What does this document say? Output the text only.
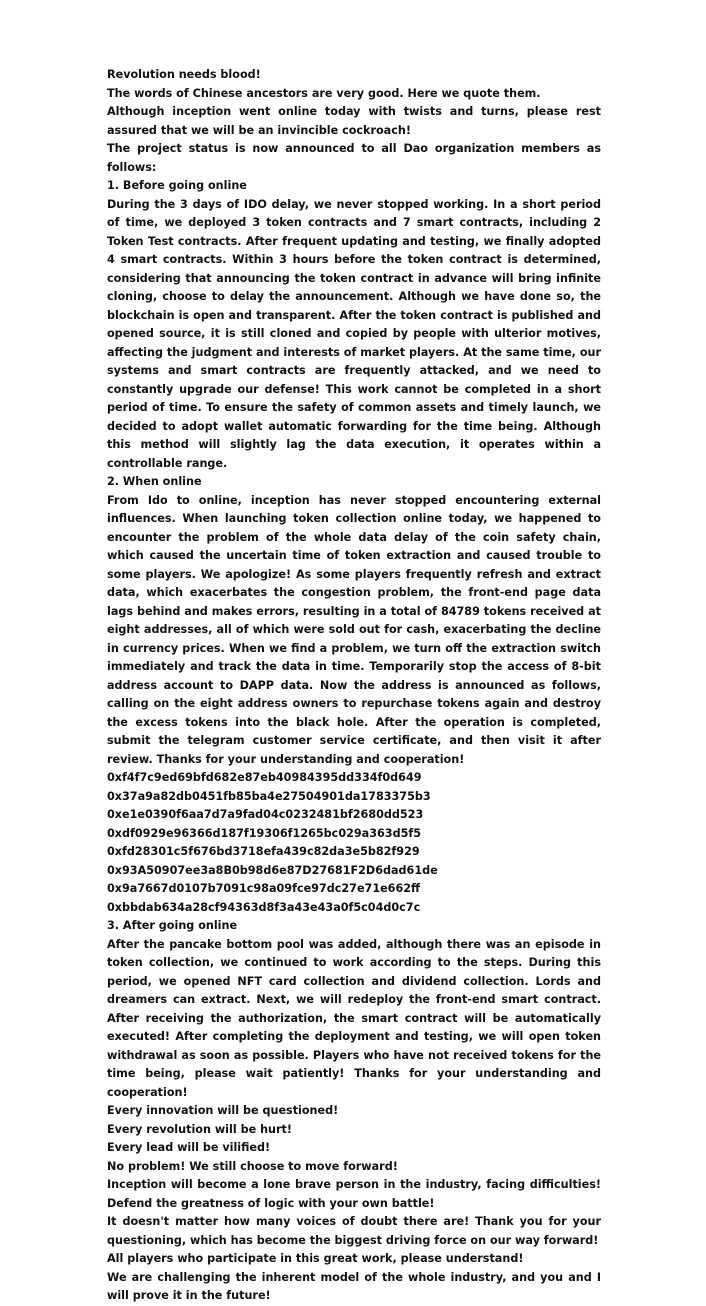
Revolution needs blood!

The words of Chinese ancestors are very good. Here we quote them.

Although inception went online today with twists and turns, please rest assured that we will be an invincible cockroach!

The project status is now announced to all Dao organization members as follows:

1. Before going online

During the 3 days of IDO delay, we never stopped working. In a short period of time, we deployed 3 token contracts and 7 smart contracts, including 2 Token Test contracts. After frequent updating and testing, we finally adopted 4 smart contracts. Within 3 hours before the token contract is determined, considering that announcing the token contract in advance will bring infinite cloning, choose to delay the announcement. Although we have done so, the blockchain is open and transparent. After the token contract is published and opened source, it is still cloned and copied by people with ulterior motives, affecting the judgment and interests of market players. At the same time, our systems and smart contracts are frequently attacked, and we need to constantly upgrade our defense! This work cannot be completed in a short period of time. To ensure the safety of common assets and timely launch, we decided to adopt wallet automatic forwarding for the time being. Although this method will slightly lag the data execution, it operates within a controllable range.

2. When online

From Ido to online, inception has never stopped encountering external influences. When launching token collection online today, we happened to encounter the problem of the whole data delay of the coin safety chain, which caused the uncertain time of token extraction and caused trouble to some players. We apologize! As some players frequently refresh and extract data, which exacerbates the congestion problem, the front-end page data lags behind and makes errors, resulting in a total of 84789 tokens received at eight addresses, all of which were sold out for cash, exacerbating the decline in currency prices. When we find a problem, we turn off the extraction switch immediately and track the data in time. Temporarily stop the access of 8-bit address account to DAPP data. Now the address is announced as follows, calling on the eight address owners to repurchase tokens again and destroy the excess tokens into the black hole. After the operation is completed, submit the telegram customer service certificate, and then visit it after review. Thanks for your understanding and cooperation!

0xf4f7c9ed69bfd682e87eb40984395dd334f0d649

0x37a9a82db0451fb85ba4e27504901da1783375b3

0xe1e0390f6aa7d7a9fad04c0232481bf2680dd523

0xdf0929e96366d187f19306f1265bc029a363d5f5

0xfd28301c5f676bd3718efa439c82da3e5b82f929

0x93A50907ee3a8B0b98d6e87D27681F2D6dad61de

0x9a7667d0107b7091c98a09fce97dc27e71e662ff

0xbbdab634a28cf94363d8f3a43e43a0f5c04d0c7c

3. After going online

After the pancake bottom pool was added, although there was an episode in token collection, we continued to work according to the steps. During this period, we opened NFT card collection and dividend collection. Lords and dreamers can extract. Next, we will redeploy the front-end smart contract. After receiving the authorization, the smart contract will be automatically executed! After completing the deployment and testing, we will open token withdrawal as soon as possible. Players who have not received tokens for the time being, please wait patiently! Thanks for your understanding and cooperation!

Every innovation will be questioned!

Every revolution will be hurt!

Every lead will be vilified!

No problem! We still choose to move forward!

Inception will become a lone brave person in the industry, facing difficulties! Defend the greatness of logic with your own battle!

It doesn't matter how many voices of doubt there are! Thank you for your questioning, which has become the biggest driving force on our way forward!

All players who participate in this great work, please understand!

We are challenging the inherent model of the whole industry, and you and I will prove it in the future!
